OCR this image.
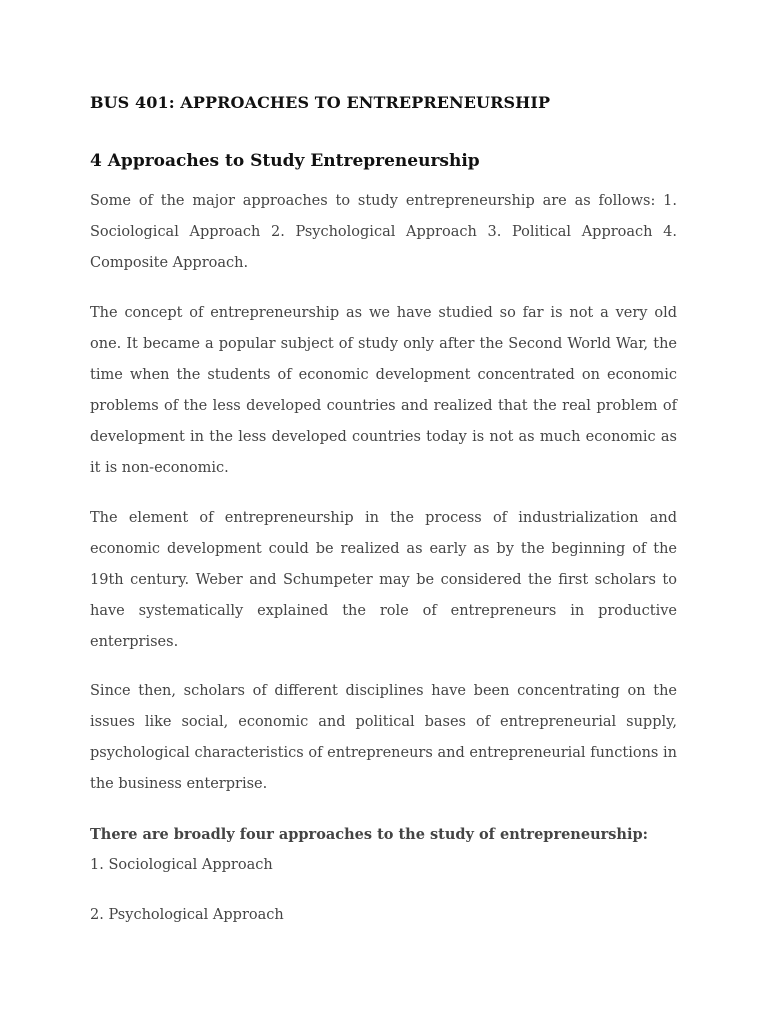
BUS 401: APPROACHES TO ENTREPRENEURSHIP
4 Approaches to Study Entrepreneurship

Some of the major approaches to study entrepreneurship are as follows: 1. Sociological Approach 2. Psychological Approach 3. Political Approach 4. Composite Approach.

The concept of entrepreneurship as we have studied so far is not a very old one. It became a popular subject of study only after the Second World War, the time when the students of economic development concentrated on economic problems of the less developed countries and realized that the real problem of development in the less developed countries today is not as much economic as it is non-economic.

The element of entrepreneurship in the process of industrialization and economic development could be realized as early as by the beginning of the 19th century. Weber and Schumpeter may be considered the first scholars to have systematically explained the role of entrepreneurs in productive enterprises.

Since then, scholars of different disciplines have been concentrating on the issues like social, economic and political bases of entrepreneurial supply, psychological characteristics of entrepreneurs and entrepreneurial functions in the business enterprise.

There are broadly four approaches to the study of entrepreneurship:

1. Sociological Approach

2. Psychological Approach
